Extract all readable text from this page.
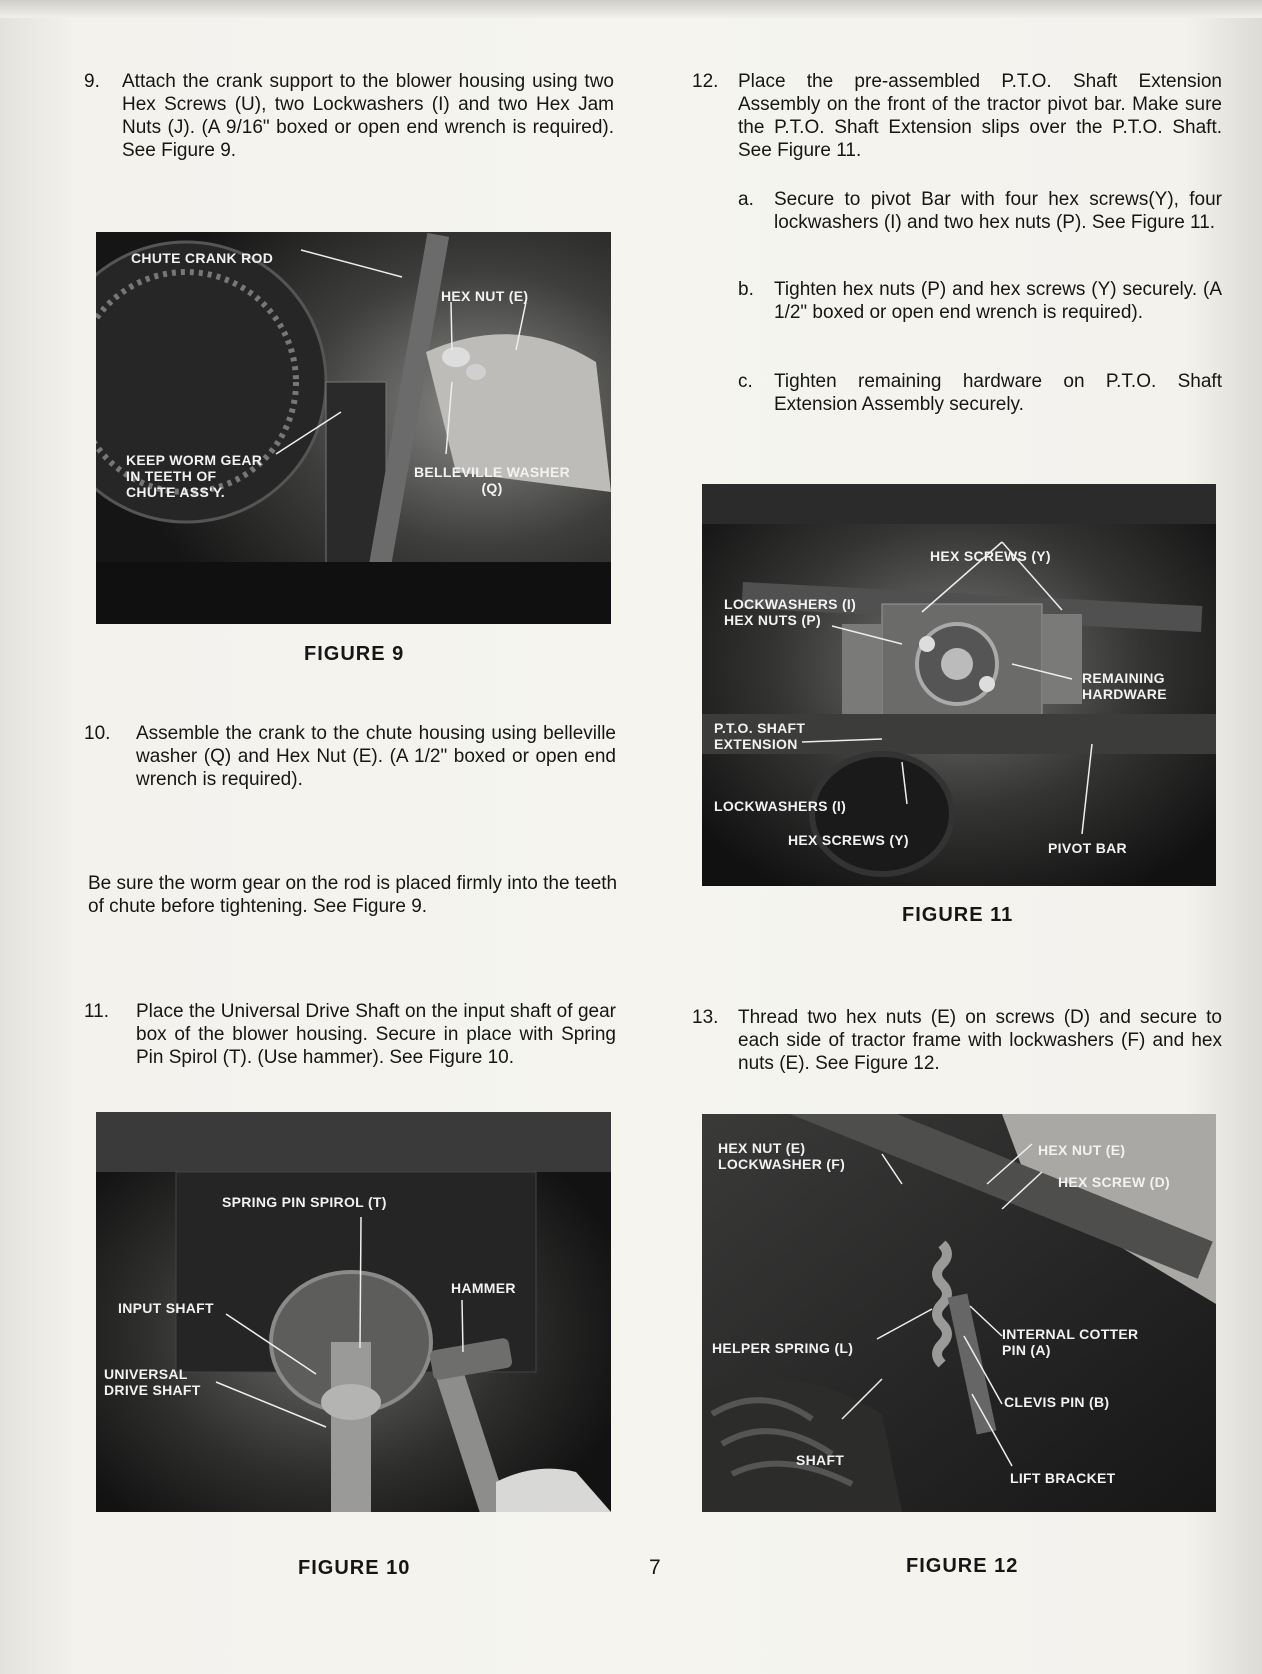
9. Attach the crank support to the blower housing using two Hex Screws (U), two Lockwashers (I) and two Hex Jam Nuts (J). (A 9/16" boxed or open end wrench is required). See Figure 9.
CHUTE CRANK ROD
HEX NUT (E)
KEEP WORM GEAR
IN TEETH OF
CHUTE ASS'Y.
BELLEVILLE WASHER
(Q)
FIGURE 9
10. Assemble the crank to the chute housing using belleville washer (Q) and Hex Nut (E). (A 1/2" boxed or open end wrench is required).
Be sure the worm gear on the rod is placed firmly into the teeth of chute before tightening. See Figure 9.
11. Place the Universal Drive Shaft on the input shaft of gear box of the blower housing. Secure in place with Spring Pin Spirol (T). (Use hammer). See Figure 10.
SPRING PIN SPIROL (T)
HAMMER
INPUT SHAFT
UNIVERSAL
DRIVE SHAFT
FIGURE 10
12. Place the pre-assembled P.T.O. Shaft Extension Assembly on the front of the tractor pivot bar. Make sure the P.T.O. Shaft Extension slips over the P.T.O. Shaft. See Figure 11.
a. Secure to pivot Bar with four hex screws(Y), four lockwashers (I) and two hex nuts (P). See Figure 11.
b. Tighten hex nuts (P) and hex screws (Y) securely. (A 1/2" boxed or open end wrench is required).
c. Tighten remaining hardware on P.T.O. Shaft Extension Assembly securely.
HEX SCREWS (Y)
LOCKWASHERS (I)
HEX NUTS (P)
REMAINING
HARDWARE
P.T.O. SHAFT
EXTENSION
LOCKWASHERS (I)
HEX SCREWS (Y)	PIVOT BAR
FIGURE 11
13. Thread two hex nuts (E) on screws (D) and secure to each side of tractor frame with lockwashers (F) and hex nuts (E). See Figure 12.
HEX NUT (E)
LOCKWASHER (F)
HEX NUT (E)
HEX SCREW (D)
HELPER SPRING (L)
INTERNAL COTTER
PIN (A)
CLEVIS PIN (B)
SHAFT
LIFT BRACKET
FIGURE 12
7
